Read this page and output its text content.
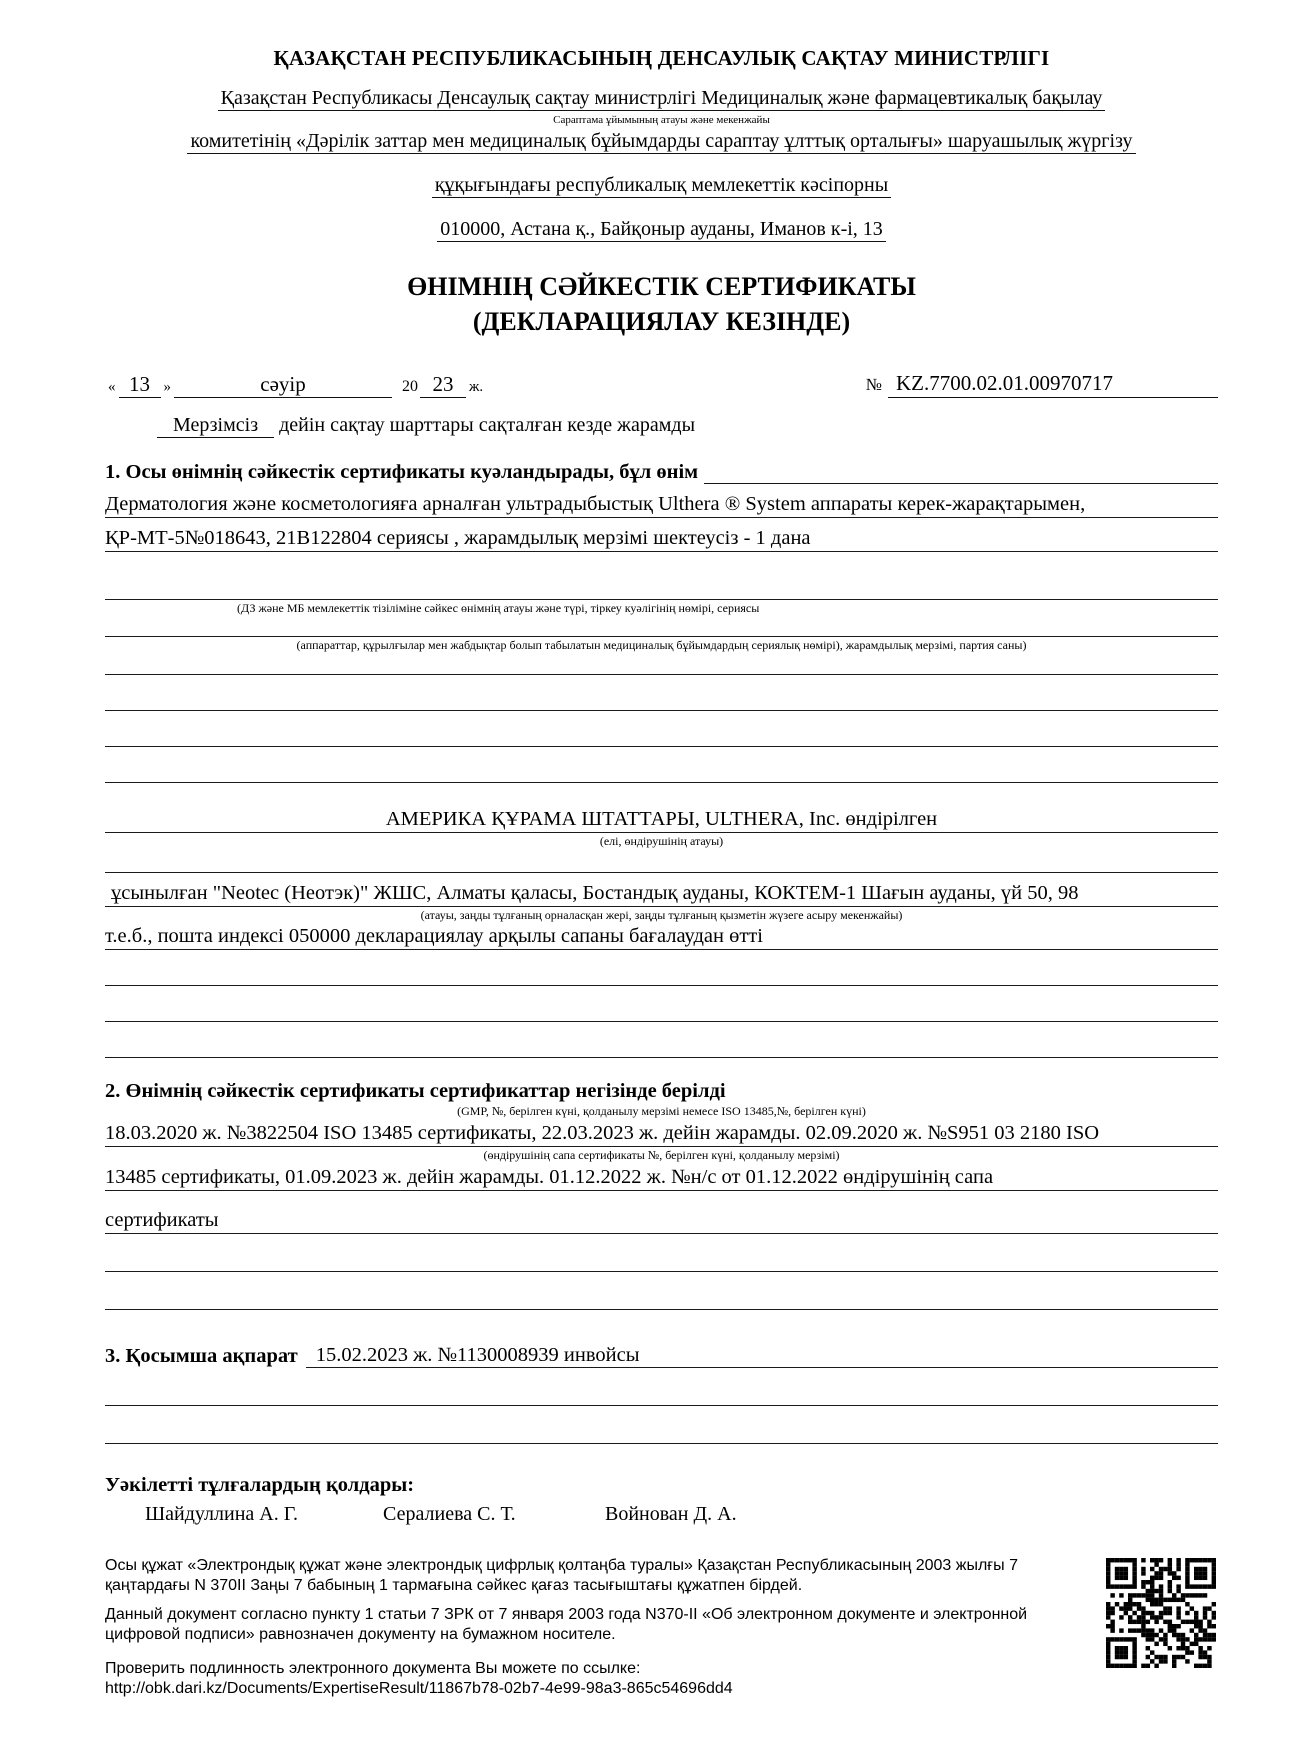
ҚАЗАҚСТАН РЕСПУБЛИКАСЫНЫҢ ДЕНСАУЛЫҚ САҚТАУ МИНИСТРЛІГІ
Қазақстан Республикасы Денсаулық сақтау министрлігі Медициналық және фармацевтикалық бақылау
Сараптама ұйымының атауы және мекенжайы
комитетінің «Дәрілік заттар мен медициналық бұйымдарды сараптау ұлттық орталығы» шаруашылық жүргізу
құқығындағы республикалық мемлекеттік кәсіпорны
010000, Астана қ., Байқоныр ауданы, Иманов к-і, 13
ӨНІМНІҢ СӘЙКЕСТІК СЕРТИФИКАТЫ
(ДЕКЛАРАЦИЯЛАУ КЕЗІНДЕ)
« 13 »	сәуір	20 23 ж.	№ KZ.7700.02.01.00970717
Мерзімсіз дейін сақтау шарттары сақталған кезде жарамды
1. Осы өнімнің сәйкестік сертификаты куәландырады, бұл өнім
Дерматология және косметологияға арналған ультрадыбыстық Ulthera ® System аппараты керек-жарақтарымен,
ҚР-МТ-5№018643, 21В122804 сериясы , жарамдылық мерзімі шектеусіз - 1 дана
(ДЗ және МБ мемлекеттік тізіліміне сәйкес өнімнің атауы және түрі, тіркеу куәлігінің нөмірі, сериясы
(аппараттар, құрылғылар мен жабдықтар болып табылатын медициналық бұйымдардың сериялық нөмірі), жарамдылық мерзімі, партия саны)
АМЕРИКА ҚҰРАМА ШТАТТАРЫ, ULTHERA, Inc. өндірілген
(елі, өндірушінің атауы)
ұсынылған "Neotec (Неотэк)" ЖШС, Алматы қаласы, Бостандық ауданы, КОКТЕМ-1 Шағын ауданы, үй 50, 98
(атауы, заңды тұлғаның орналасқан жері, заңды тұлғаның қызметін жүзеге асыру мекенжайы)
т.е.б., пошта индексі 050000 декларациялау арқылы сапаны бағалаудан өтті
2. Өнімнің сәйкестік сертификаты сертификаттар негізінде берілді
(GMP, №, берілген күні, қолданылу мерзімі немесе ISO 13485,№, берілген күні)
18.03.2020 ж. №3822504 ISO 13485 сертификаты, 22.03.2023 ж. дейін жарамды. 02.09.2020 ж. №S951 03 2180 ISO
(өндірушінің сапа сертификаты №, берілген күні, қолданылу мерзімі)
13485 сертификаты, 01.09.2023 ж. дейін жарамды. 01.12.2022 ж. №н/с от 01.12.2022 өндірушінің сапа
сертификаты
3. Қосымша ақпарат 15.02.2023 ж. №1130008939 инвойсы
Уәкілетті тұлғалардың қолдары:
Шайдуллина А. Г.	Сералиева С. Т.	Войнован Д. А.

Осы құжат «Электрондық құжат және электрондық цифрлық қолтаңба туралы» Қазақстан Республикасының 2003 жылғы 7 қаңтардағы N 370II Заңы 7 бабының 1 тармағына сәйкес қағаз тасығыштағы құжатпен бірдей.

Данный документ согласно пункту 1 статьи 7 ЗРК от 7 января 2003 года N370-II «Об электронном документе и электронной цифровой подписи» равнозначен документу на бумажном носителе.

Проверить подлинность электронного документа Вы можете по ссылке:
http://obk.dari.kz/Documents/ExpertiseResult/11867b78-02b7-4e99-98a3-865c54696dd4
